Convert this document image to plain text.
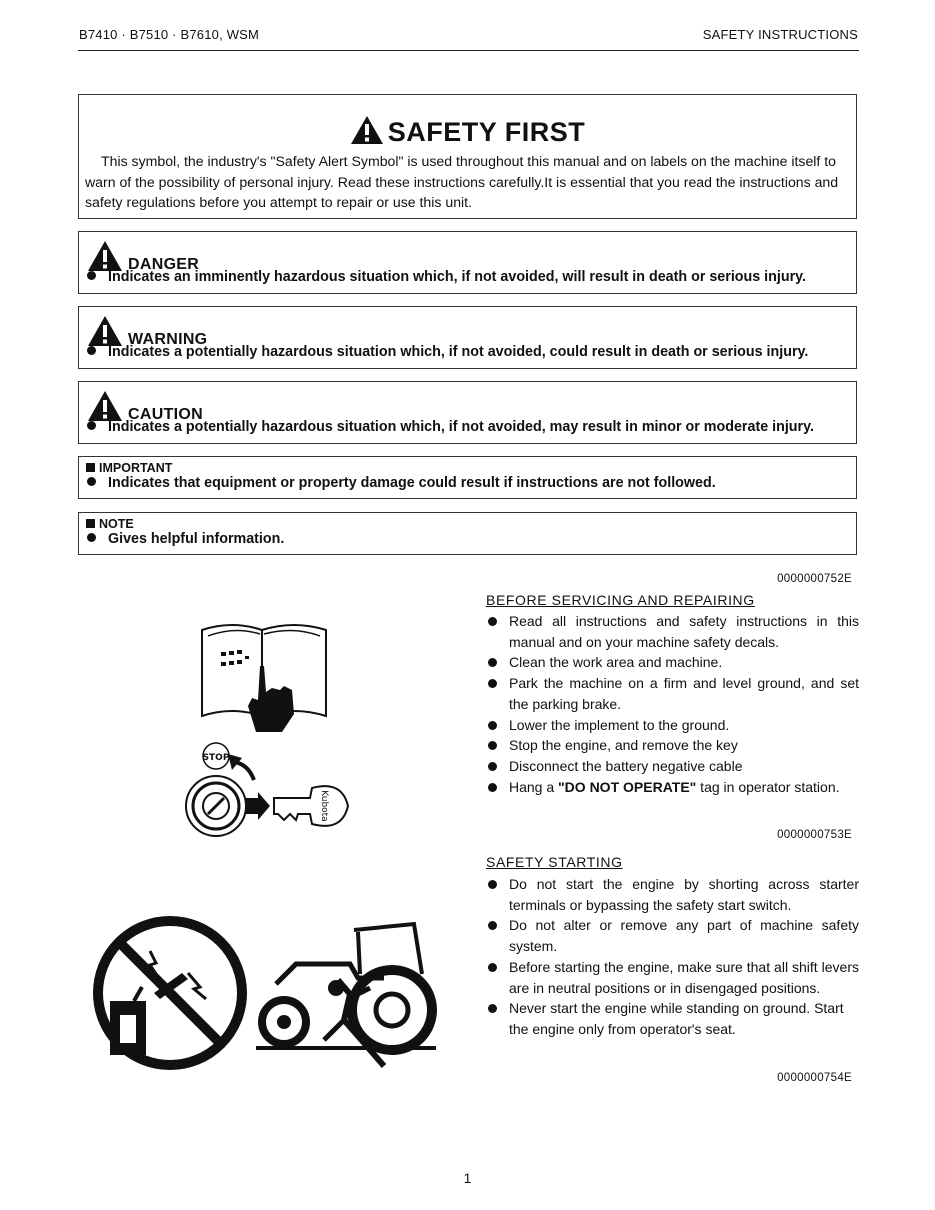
B7410 · B7510 · B7610, WSM	SAFETY INSTRUCTIONS
SAFETY FIRST
This symbol, the industry's "Safety Alert Symbol" is used throughout this manual and on labels on the machine itself to warn of the possibility of personal injury. Read these instructions carefully.It is essential that you read the instructions and safety regulations before you attempt to repair or use this unit.
DANGER
Indicates an imminently hazardous situation which, if not avoided, will result in death or serious injury.
WARNING
Indicates a potentially hazardous situation which, if not avoided, could result in death or serious injury.
CAUTION
Indicates a potentially hazardous situation which, if not avoided, may result in minor or moderate injury.
IMPORTANT
Indicates that equipment or property damage could result if instructions are not followed.
NOTE
Gives helpful information.
0000000752E
BEFORE SERVICING AND REPAIRING
Read all instructions and safety instructions in this manual and on your machine safety decals.
Clean the work area and machine.
Park the machine on a firm and level ground, and set the parking brake.
Lower the implement to the ground.
Stop the engine, and remove the key
Disconnect the battery negative cable
Hang a "DO NOT OPERATE" tag in operator station.
0000000753E
SAFETY STARTING
Do not start the engine by shorting across starter terminals or bypassing the safety start switch.
Do not alter or remove any part of machine safety system.
Before starting the engine, make sure that all shift levers are in neutral positions or in disengaged positions.
Never start the engine while standing on ground. Start the engine only from operator's seat.
0000000754E
STOP
Kubota
1
